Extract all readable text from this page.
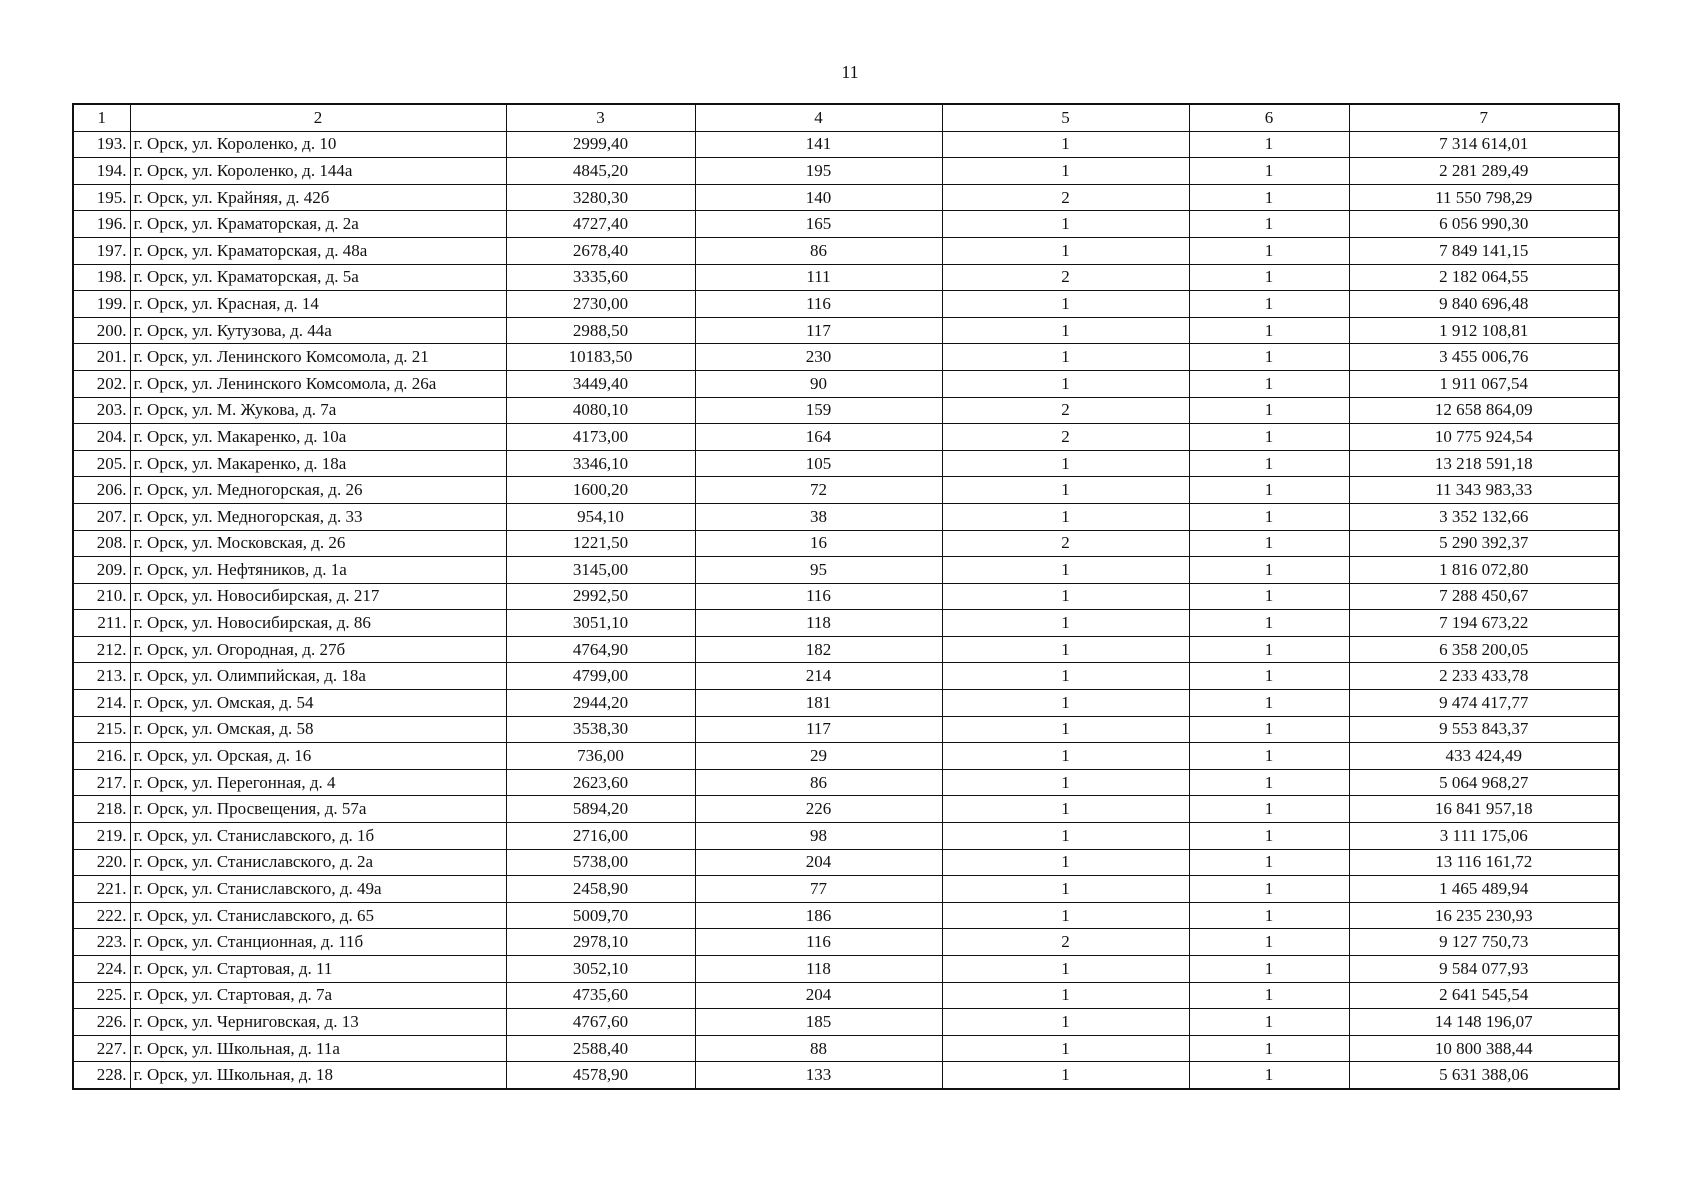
11
1	2	3	4	5	6	7
193.	г. Орск, ул. Короленко, д. 10	2999,40	141	1	1	7 314 614,01
194.	г. Орск, ул. Короленко, д. 144а	4845,20	195	1	1	2 281 289,49
195.	г. Орск, ул. Крайняя, д. 42б	3280,30	140	2	1	11 550 798,29
196.	г. Орск, ул. Краматорская, д. 2а	4727,40	165	1	1	6 056 990,30
197.	г. Орск, ул. Краматорская, д. 48а	2678,40	86	1	1	7 849 141,15
198.	г. Орск, ул. Краматорская, д. 5а	3335,60	111	2	1	2 182 064,55
199.	г. Орск, ул. Красная, д. 14	2730,00	116	1	1	9 840 696,48
200.	г. Орск, ул. Кутузова, д. 44а	2988,50	117	1	1	1 912 108,81
201.	г. Орск, ул. Ленинского Комсомола, д. 21	10183,50	230	1	1	3 455 006,76
202.	г. Орск, ул. Ленинского Комсомола, д. 26а	3449,40	90	1	1	1 911 067,54
203.	г. Орск, ул. М. Жукова, д. 7а	4080,10	159	2	1	12 658 864,09
204.	г. Орск, ул. Макаренко, д. 10а	4173,00	164	2	1	10 775 924,54
205.	г. Орск, ул. Макаренко, д. 18а	3346,10	105	1	1	13 218 591,18
206.	г. Орск, ул. Медногорская, д. 26	1600,20	72	1	1	11 343 983,33
207.	г. Орск, ул. Медногорская, д. 33	954,10	38	1	1	3 352 132,66
208.	г. Орск, ул. Московская, д. 26	1221,50	16	2	1	5 290 392,37
209.	г. Орск, ул. Нефтяников, д. 1а	3145,00	95	1	1	1 816 072,80
210.	г. Орск, ул. Новосибирская, д. 217	2992,50	116	1	1	7 288 450,67
211.	г. Орск, ул. Новосибирская, д. 86	3051,10	118	1	1	7 194 673,22
212.	г. Орск, ул. Огородная, д. 27б	4764,90	182	1	1	6 358 200,05
213.	г. Орск, ул. Олимпийская, д. 18а	4799,00	214	1	1	2 233 433,78
214.	г. Орск, ул. Омская, д. 54	2944,20	181	1	1	9 474 417,77
215.	г. Орск, ул. Омская, д. 58	3538,30	117	1	1	9 553 843,37
216.	г. Орск, ул. Орская, д. 16	736,00	29	1	1	433 424,49
217.	г. Орск, ул. Перегонная, д. 4	2623,60	86	1	1	5 064 968,27
218.	г. Орск, ул. Просвещения, д. 57а	5894,20	226	1	1	16 841 957,18
219.	г. Орск, ул. Станиславского, д. 1б	2716,00	98	1	1	3 111 175,06
220.	г. Орск, ул. Станиславского, д. 2а	5738,00	204	1	1	13 116 161,72
221.	г. Орск, ул. Станиславского, д. 49а	2458,90	77	1	1	1 465 489,94
222.	г. Орск, ул. Станиславского, д. 65	5009,70	186	1	1	16 235 230,93
223.	г. Орск, ул. Станционная, д. 11б	2978,10	116	2	1	9 127 750,73
224.	г. Орск, ул. Стартовая, д. 11	3052,10	118	1	1	9 584 077,93
225.	г. Орск, ул. Стартовая, д. 7а	4735,60	204	1	1	2 641 545,54
226.	г. Орск, ул. Черниговская, д. 13	4767,60	185	1	1	14 148 196,07
227.	г. Орск, ул. Школьная, д. 11а	2588,40	88	1	1	10 800 388,44
228.	г. Орск, ул. Школьная, д. 18	4578,90	133	1	1	5 631 388,06
